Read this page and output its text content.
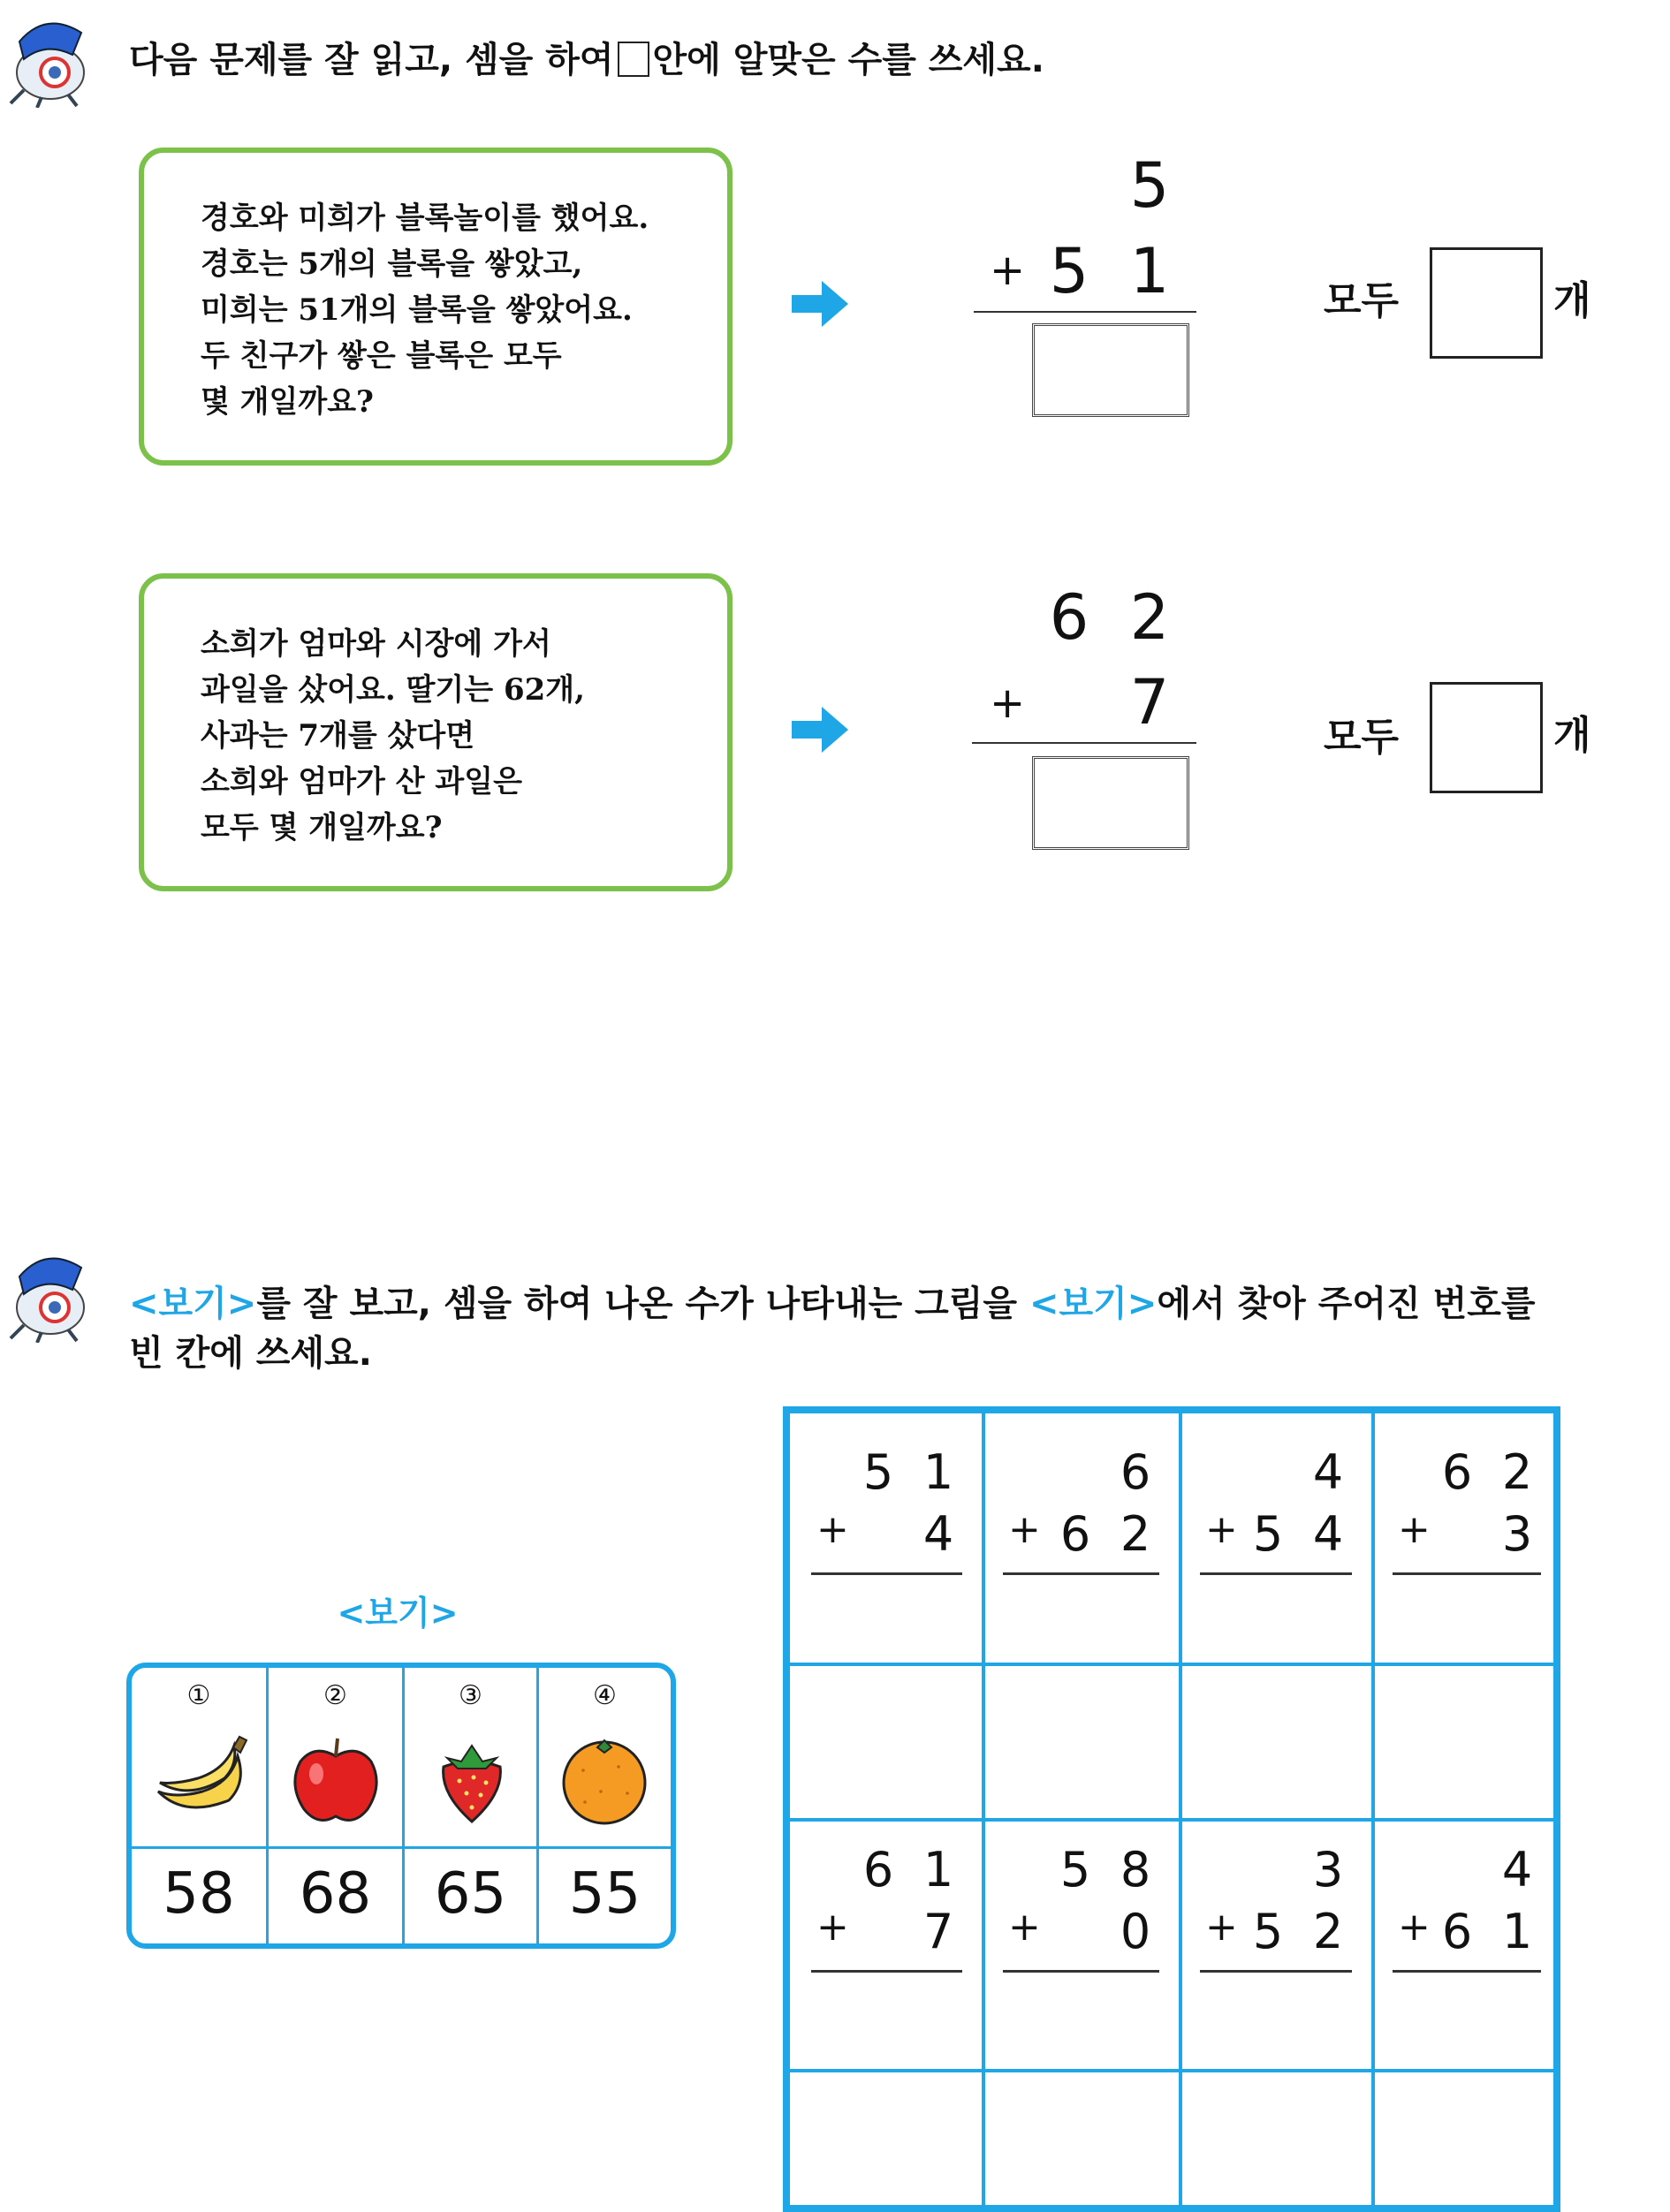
다음 문제를 잘 읽고, 셈을 하여 안에 알맞은 수를 쓰세요.
경호와 미희가 블록놀이를 했어요.
경호는 5개의 블록을 쌓았고,
미희는 51개의 블록을 쌓았어요.
두 친구가 쌓은 블록은 모두
몇 개일까요?
5
+ 5 1	모두	개
소희가 엄마와 시장에 가서
과일을 샀어요. 딸기는 62개,
사과는 7개를 샀다면
소희와 엄마가 산 과일은
모두 몇 개일까요?
6 2
+ 7	모두	개
<보기>를 잘 보고, 셈을 하여 나온 수가 나타내는 그림을 <보기>에서 찾아 주어진 번호를
빈 칸에 쓰세요.
<보기>
①	②	③	④
58	68	65	55
5 1
+ 4
6
+ 6 2
4
+ 5 4
6 2
+ 3
6 1
+ 7
5 8
+ 0
3
+ 5 2
4
+ 6 1
